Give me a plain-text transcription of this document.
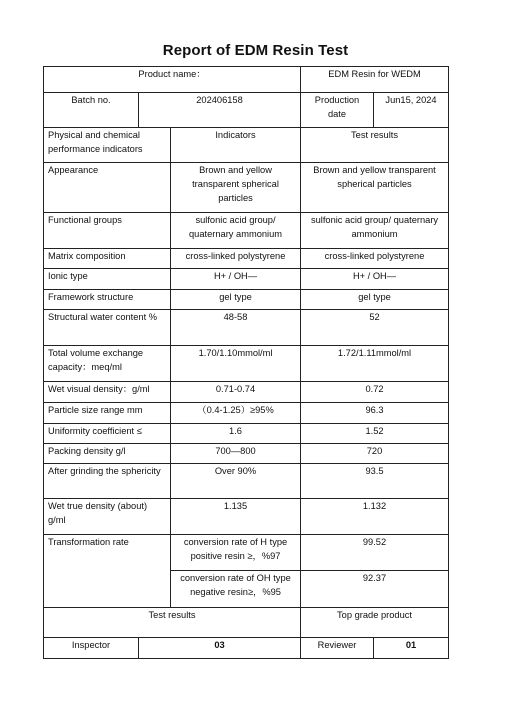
Report of EDM Resin Test
Product name：			EDM Resin for WEDM	
Batch no.	202406158		Production date	Jun15, 2024
Physical and chemical performance indicators		Indicators	Test results	
Appearance		Brown and yellow transparent spherical particles	Brown and yellow transparent spherical particles	
Functional groups		sulfonic acid group/ quaternary ammonium	sulfonic acid group/ quaternary ammonium	
Matrix composition		cross-linked polystyrene	cross-linked polystyrene	
Ionic type		H+ / OH—	H+ / OH—	
Framework structure		gel type	gel type	
Structural water content %		48-58	52	
Total volume exchange capacity：meq/ml		1.70/1.10mmol/ml	1.72/1.11mmol/ml	
Wet visual density：g/ml		0.71-0.74	0.72	
Particle size range mm		（0.4-1.25）≥95%	96.3	
Uniformity coefficient ≤		1.6	1.52	
Packing density g/l		700—800	720	
After grinding the sphericity		Over 90%	93.5	
Wet true density (about) g/ml		1.135	1.132	
Transformation rate		conversion rate of H type positive resin ≥，%97	99.52	
		conversion rate of OH type negative resin≥，%95	92.37	
Test results			Top grade product	
Inspector	03		Reviewer	01
